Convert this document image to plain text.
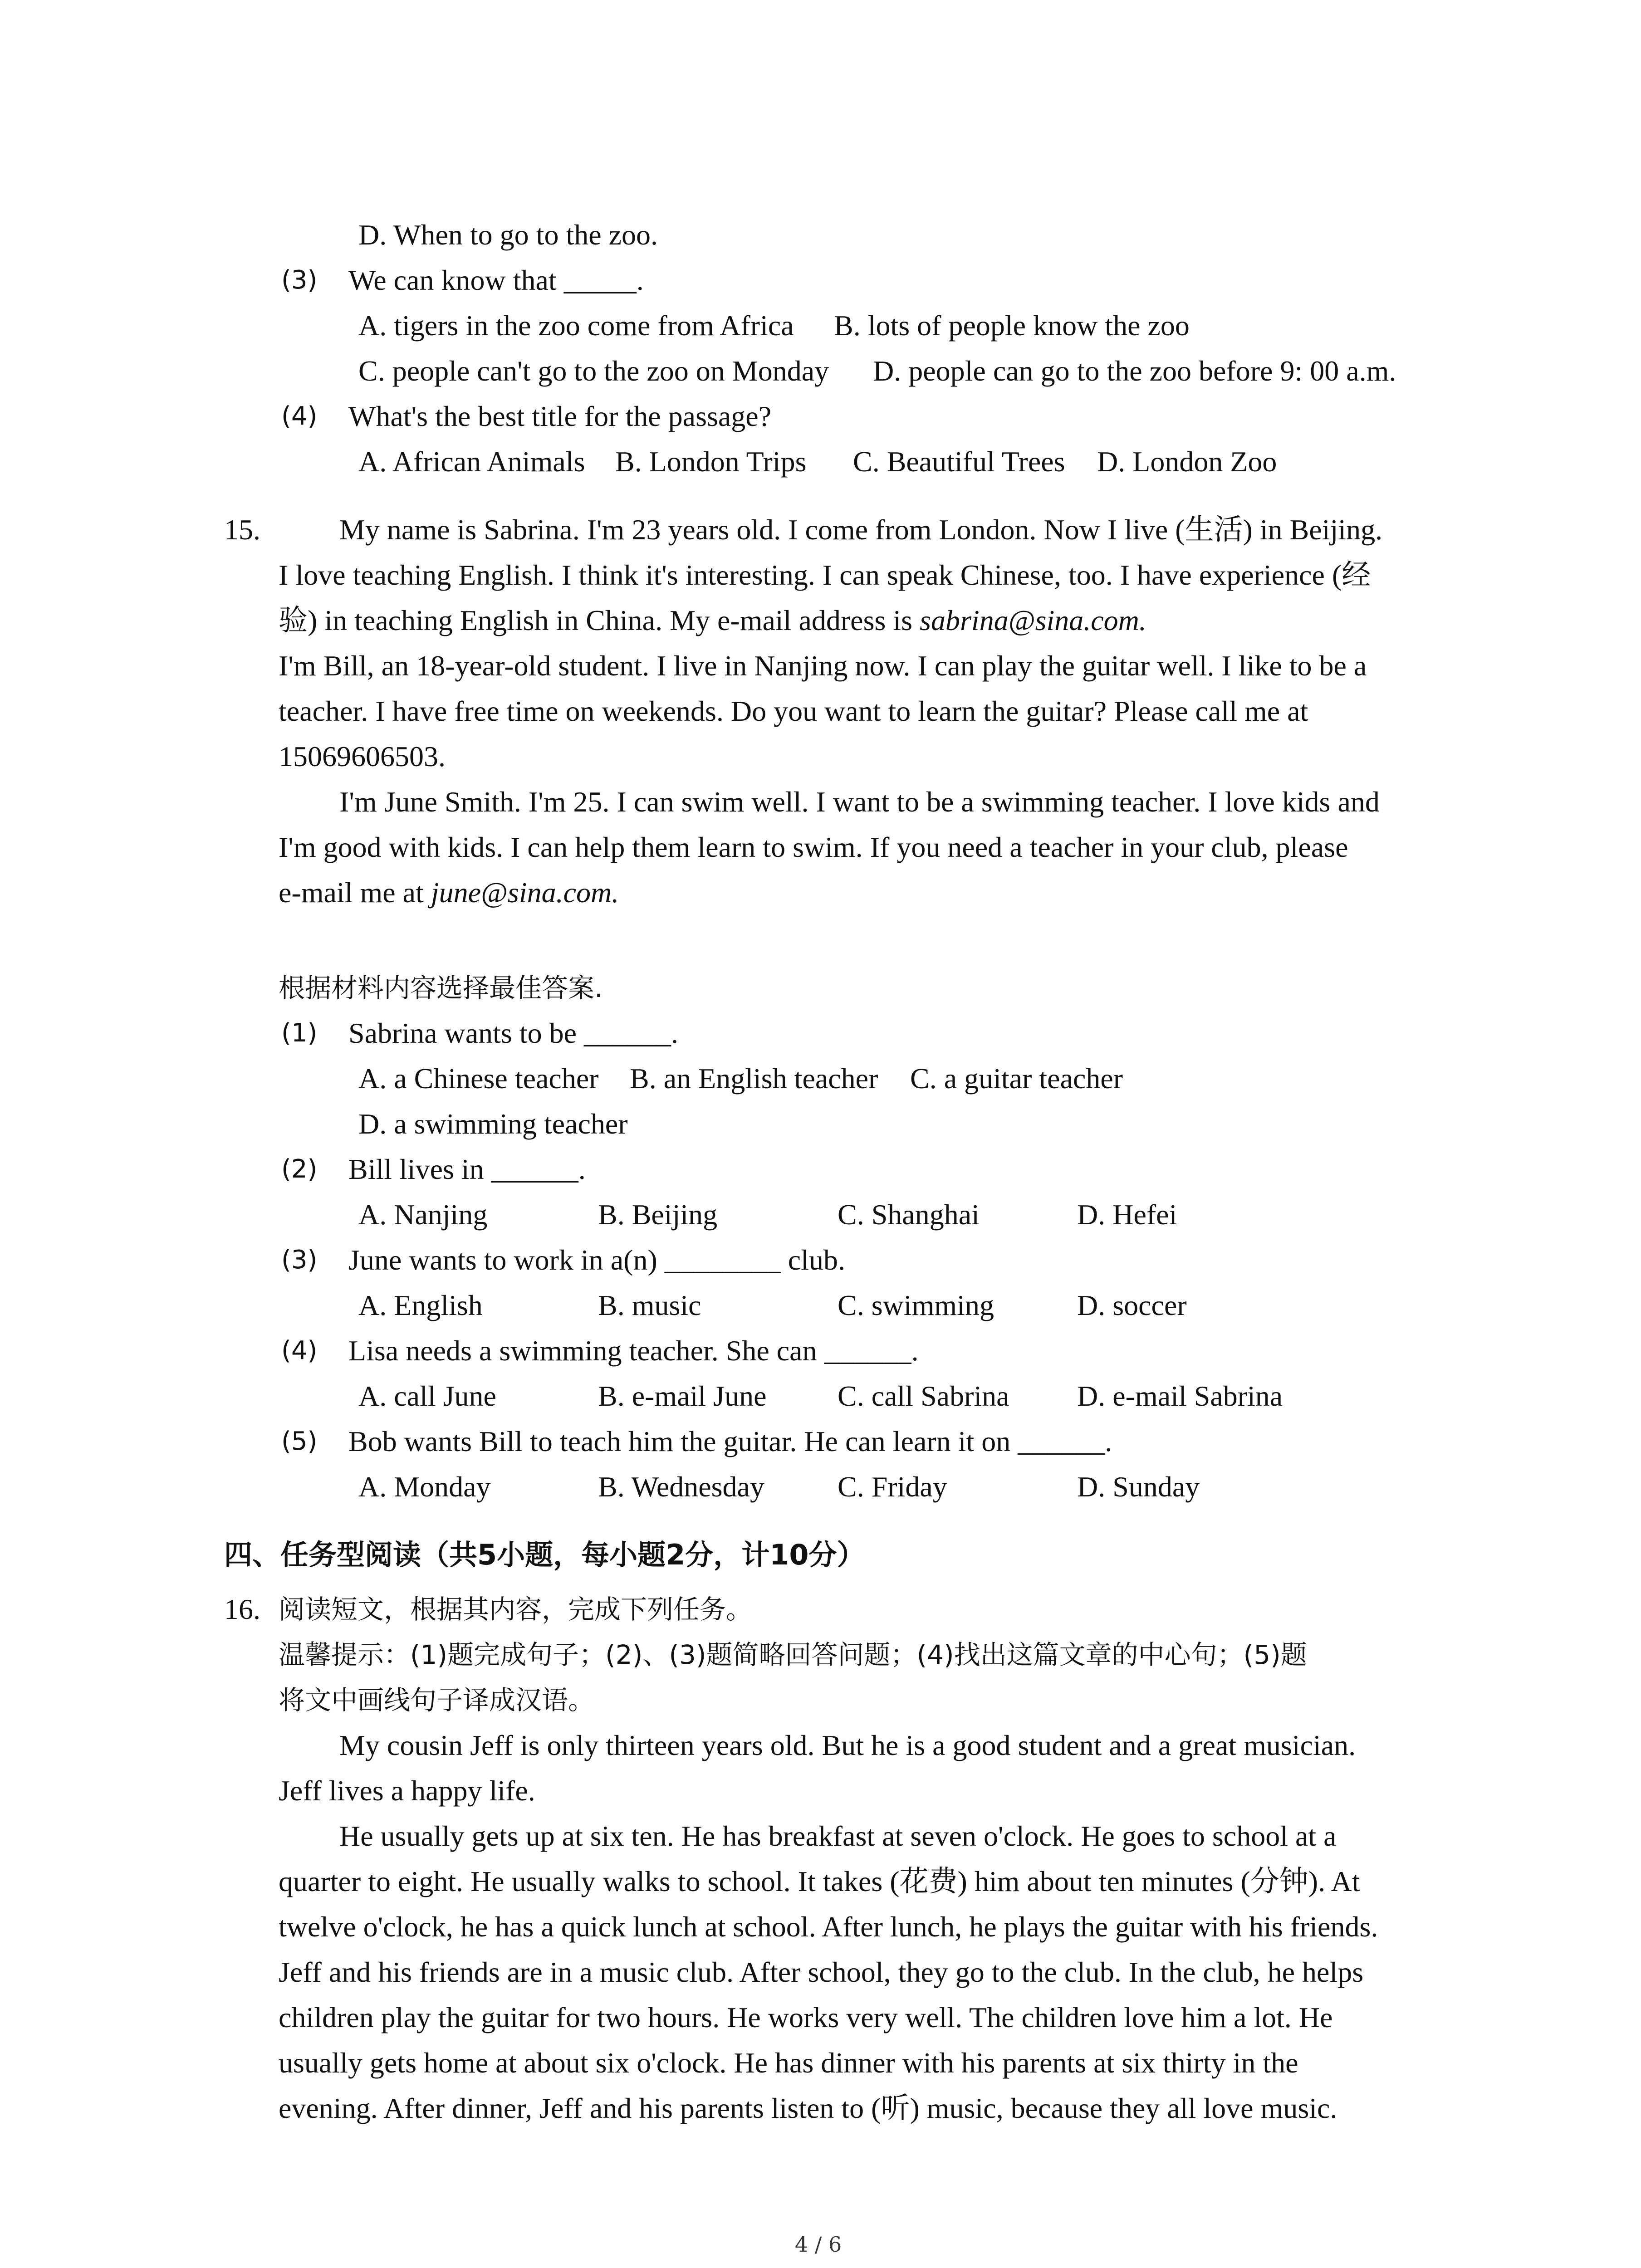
D. When to go to the zoo.
(3) We can know that _____.
A. tigers in the zoo come from Africa B. lots of people know the zoo
C. people can't go to the zoo on Monday D. people can go to the zoo before 9: 00 a.m.
(4) What's the best title for the passage?
A. African Animals B. London Trips C. Beautiful Trees D. London Zoo
15.	My name is Sabrina. I'm 23 years old. I come from London. Now I live (生活) in Beijing.
I love teaching English. I think it's interesting. I can speak Chinese, too. I have experience (经
验) in teaching English in China. My e-mail address is sabrina@sina.com.
I'm Bill, an 18-year-old student. I live in Nanjing now. I can play the guitar well. I like to be a
teacher. I have free time on weekends. Do you want to learn the guitar? Please call me at
15069606503.
I'm June Smith. I'm 25. I can swim well. I want to be a swimming teacher. I love kids and
I'm good with kids. I can help them learn to swim. If you need a teacher in your club, please
e-mail me at june@sina.com.
根据材料内容选择最佳答案.
(1) Sabrina wants to be ______.
A. a Chinese teacher B. an English teacher C. a guitar teacher
D. a swimming teacher
(2) Bill lives in ______.
A. Nanjing	B. Beijing	C. Shanghai	D. Hefei
(3) June wants to work in a(n) ________ club.
A. English	B. music	C. swimming	D. soccer
(4) Lisa needs a swimming teacher. She can ______.
A. call June	B. e-mail June C. call Sabrina D. e-mail Sabrina
(5) Bob wants Bill to teach him the guitar. He can learn it on ______.
A. Monday	B. Wednesday	C. Friday	D. Sunday
四、任务型阅读（共5小题，每小题2分，计10分）
16. 阅读短文，根据其内容，完成下列任务。
温馨提示：(1)题完成句子；(2)、(3)题简略回答问题；(4)找出这篇文章的中心句；(5)题
将文中画线句子译成汉语。
My cousin Jeff is only thirteen years old. But he is a good student and a great musician.
Jeff lives a happy life.
He usually gets up at six ten. He has breakfast at seven o'clock. He goes to school at a
quarter to eight. He usually walks to school. It takes (花费) him about ten minutes (分钟). At
twelve o'clock, he has a quick lunch at school. After lunch, he plays the guitar with his friends.
Jeff and his friends are in a music club. After school, they go to the club. In the club, he helps
children play the guitar for two hours. He works very well. The children love him a lot. He
usually gets home at about six o'clock. He has dinner with his parents at six thirty in the
evening. After dinner, Jeff and his parents listen to (听) music, because they all love music.
4 / 6
